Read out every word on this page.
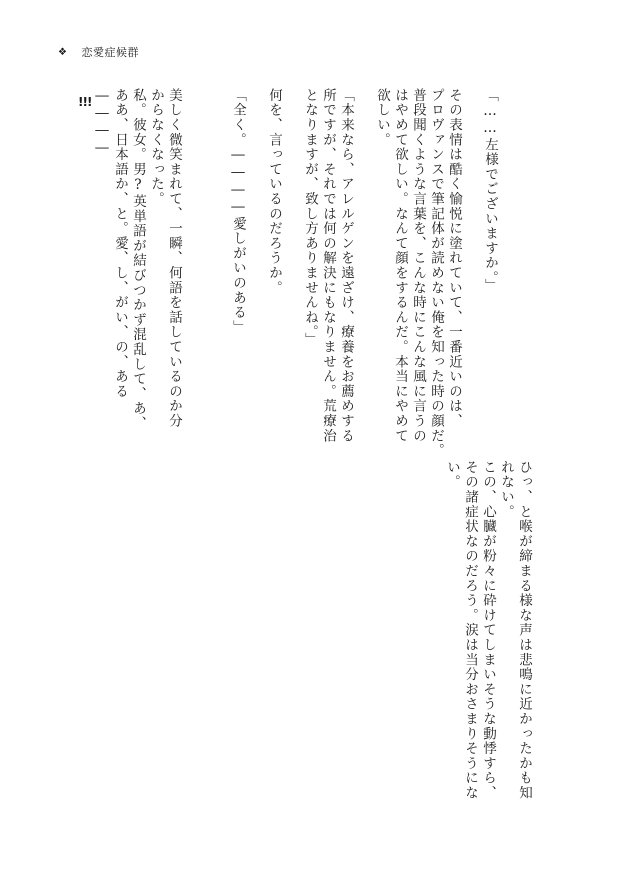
❖ 恋愛症候群
「……左様でございますか。」
その表情は酷く愉悦に塗れていて、一番近いのは、
プロヴァンスで筆記体が読めない俺を知った時の顔だ。
普段聞くような言葉を、こんな時にこんな風に言うの
はやめて欲しい。なんて顔をするんだ。本当にやめて
欲しい。
「本来なら、アレルゲンを遠ざけ、療養をお薦めする
所ですが、それでは何の解決にもなりません。荒療治
となりますが、致し方ありませんね。」
何を、言っているのだろうか。
「全く。――――愛しがいのある」
美しく微笑まれて、一瞬、何語を話しているのか分
からなくなった。
私。彼女。男?英単語が結びつかず混乱して、あ、
ああ、日本語か、と。愛、し、がい、の、ある――――
!!!
ひっ、と喉が締まる様な声は悲鳴に近かったかも知
れない。
この、心臓が粉々に砕けてしまいそうな動悸すら、
その諸症状なのだろう。涙は当分おさまりそうにない。
